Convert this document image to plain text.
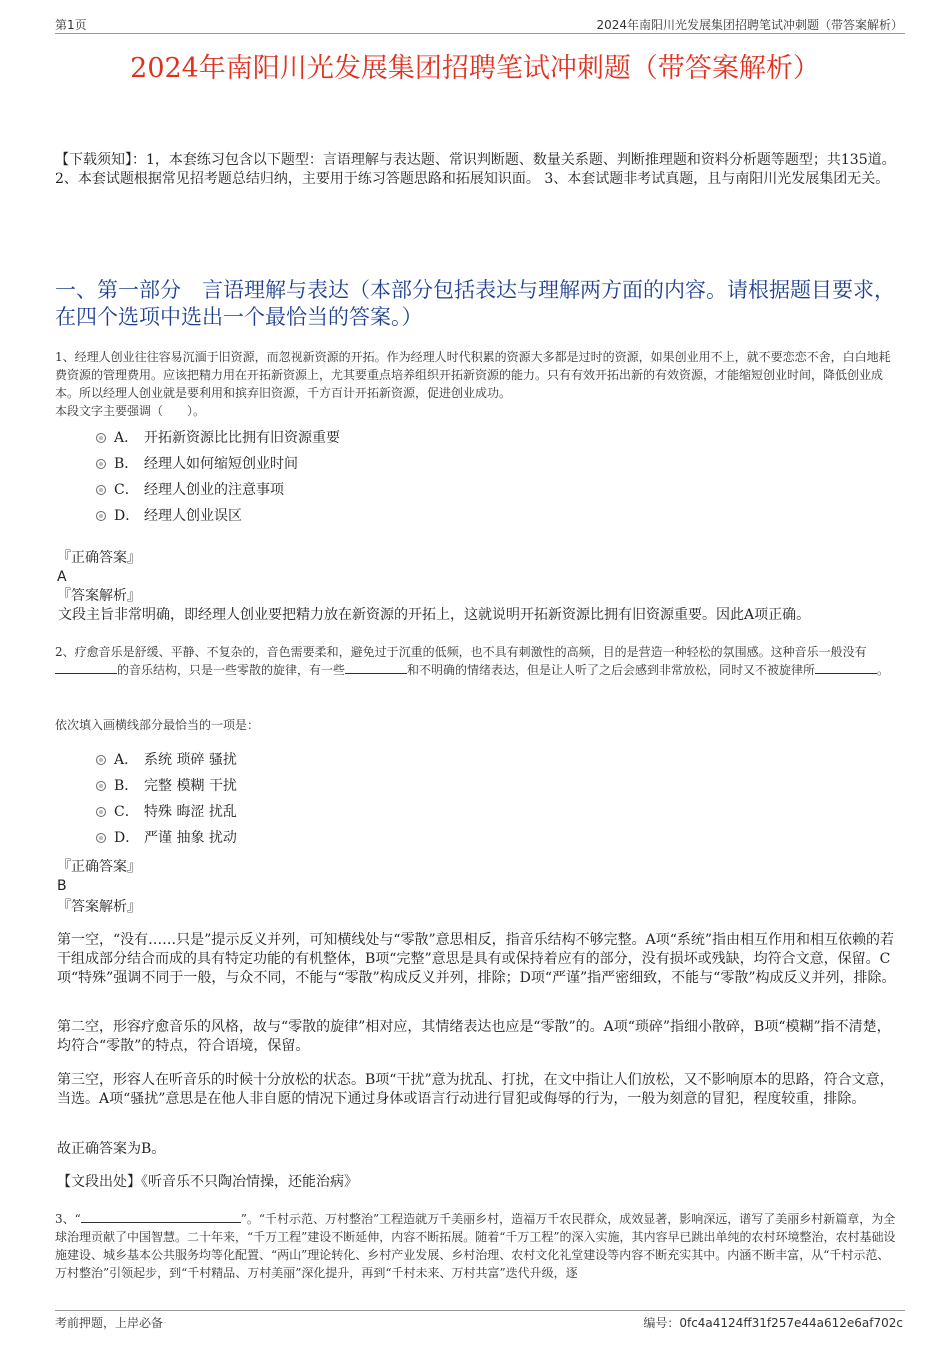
第1页	2024年南阳川光发展集团招聘笔试冲刺题（带答案解析）
2024年南阳川光发展集团招聘笔试冲刺题（带答案解析）
【下载须知】：1，本套练习包含以下题型：言语理解与表达题、常识判断题、数量关系题、判断推理题和资料分析题等题型；共135道。 2、本套试题根据常见招考题总结归纳，主要用于练习答题思路和拓展知识面。 3、本套试题非考试真题，且与南阳川光发展集团无关。
一、第一部分　言语理解与表达（本部分包括表达与理解两方面的内容。请根据题目要求，在四个选项中选出一个最恰当的答案。）
1、经理人创业往往容易沉湎于旧资源，而忽视新资源的开拓。作为经理人时代积累的资源大多都是过时的资源，如果创业用不上，就不要恋恋不舍，白白地耗费资源的管理费用。应该把精力用在开拓新资源上，尤其要重点培养组织开拓新资源的能力。只有有效开拓出新的有效资源，才能缩短创业时间，降低创业成本。所以经理人创业就是要利用和摈弃旧资源，千方百计开拓新资源，促进创业成功。
本段文字主要强调（　　）。
A． 开拓新资源比比拥有旧资源重要
B． 经理人如何缩短创业时间
C． 经理人创业的注意事项
D． 经理人创业误区
『正确答案』
A
『答案解析』
文段主旨非常明确，即经理人创业要把精力放在新资源的开拓上，这就说明开拓新资源比拥有旧资源重要。因此A项正确。
2、疗愈音乐是舒缓、平静、不复杂的，音色需要柔和，避免过于沉重的低频，也不具有刺激性的高频，目的是营造一种轻松的氛围感。这种音乐一般没有的音乐结构，只是一些零散的旋律，有一些	和不明确的情绪表达，但是让人听了之后会感到非常放松，同时又不被旋律所	。
依次填入画横线部分最恰当的一项是：
A． 系统 琐碎 骚扰
B． 完整 模糊 干扰
C． 特殊 晦涩 扰乱
D． 严谨 抽象 扰动
『正确答案』
B
『答案解析』
第一空，“没有……只是”提示反义并列，可知横线处与“零散”意思相反，指音乐结构不够完整。A项“系统”指由相互作用和相互依赖的若干组成部分结合而成的具有特定功能的有机整体，B项“完整”意思是具有或保持着应有的部分，没有损坏或残缺，均符合文意，保留。C项“特殊”强调不同于一般，与众不同，不能与“零散”构成反义并列，排除；D项“严谨”指严密细致，不能与“零散”构成反义并列，排除。
第二空，形容疗愈音乐的风格，故与“零散的旋律”相对应，其情绪表达也应是“零散”的。A项“琐碎”指细小散碎，B项“模糊”指不清楚，均符合“零散”的特点，符合语境，保留。
第三空，形容人在听音乐的时候十分放松的状态。B项“干扰”意为扰乱、打扰，在文中指让人们放松，又不影响原本的思路，符合文意，当选。A项“骚扰”意思是在他人非自愿的情况下通过身体或语言行动进行冒犯或侮辱的行为，一般为刻意的冒犯，程度较重，排除。
故正确答案为B。
【文段出处】《听音乐不只陶冶情操，还能治病》
3、“	”。“千村示范、万村整治”工程造就万千美丽乡村，造福万千农民群众，成效显著，影响深远，谱写了美丽乡村新篇章，为全球治理贡献了中国智慧。二十年来，“千万工程”建设不断延伸，内容不断拓展。随着“千万工程”的深入实施，其内容早已跳出单纯的农村环境整治，农村基础设施建设、城乡基本公共服务均等化配置、“两山”理论转化、乡村产业发展、乡村治理、农村文化礼堂建设等内容不断充实其中。内涵不断丰富，从“千村示范、万村整治”引领起步，到“千村精品、万村美丽”深化提升，再到“千村未来、万村共富”迭代升级，逐
考前押题，上岸必备	编号：0fc4a4124ff31f257e44a612e6af702c
